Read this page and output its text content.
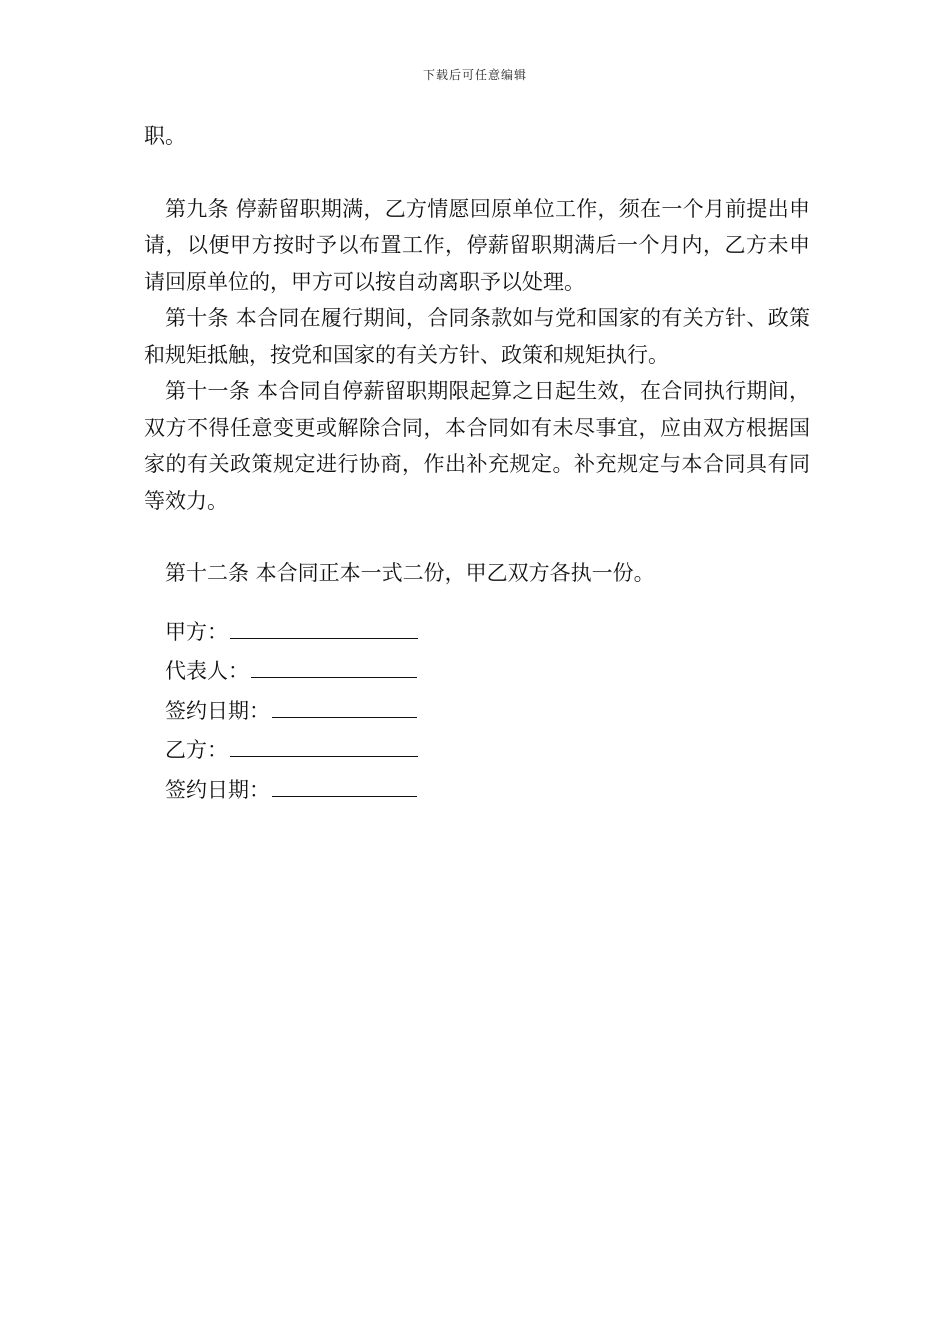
下载后可任意编辑

职。

第九条 停薪留职期满，乙方情愿回原单位工作，须在一个月前提出申请，以便甲方按时予以布置工作，停薪留职期满后一个月内，乙方未申请回原单位的，甲方可以按自动离职予以处理。

第十条 本合同在履行期间，合同条款如与党和国家的有关方针、政策和规矩抵触，按党和国家的有关方针、政策和规矩执行。

第十一条 本合同自停薪留职期限起算之日起生效，在合同执行期间，双方不得任意变更或解除合同，本合同如有未尽事宜，应由双方根据国家的有关政策规定进行协商，作出补充规定。补充规定与本合同具有同等效力。

第十二条 本合同正本一式二份，甲乙双方各执一份。

甲方：
代表人：
签约日期：
乙方：
签约日期：
